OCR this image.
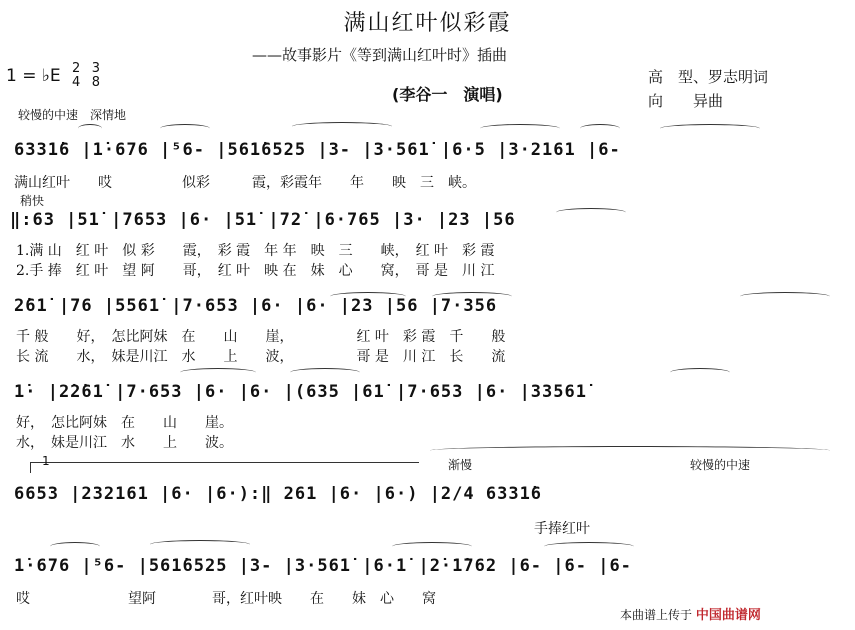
满山红叶似彩霞
——故事影片《等到满山红叶时》插曲
1 = ♭E 2
4 3
8
(李谷一　演唱)
高　型、罗志明词
向　　异曲
较慢的中速　深情地
6331̇6 |1̇·676 |⁵6- |561̇6525 |3- |3·561̇ |6·5 |3·2161 |6-
满山红叶　　哎　　　　　似彩　　　霞，彩霞年　　年　　映　三　峡。
稍快
‖:63 |51̇ |7653 |6· |51̇ |72̇ |6·765 |3· |23 |56
1.满 山　红 叶　似 彩　　霞，　彩 霞　年 年　映　三　　峡，　红 叶　彩 霞
2.手 捧　红 叶　望 阿　　哥，　红 叶　映 在　妹　心　　窝，　哥 是　川 江
2̇61̇ |76 |5561̇ |7·653 |6· |6· |23 |56 |7·356
千 般　　好，　怎比阿妹　在　　山　　崖，　　　　　红 叶　彩 霞　千　　般
长 流　　水，　妹是川江　水　　上　　波，　　　　　哥 是　川 江　长　　流
1̇· |2̇2̇61̇ |7·653 |6· |6· |(635 |61̇ |7·653 |6· |33561̇
好，　怎比阿妹　在　　山　　崖。
水，　妹是川江　水　　上　　波。
1	渐慢	较慢的中速
6653 |232161 |6· |6·):‖ 261 |6· |6·) |2/4 6331̇6
　　　　　　　　　　　　　　　　　　　　　　　　　　　　　　　　　　　　　手捧红叶
1̇·676 |⁵6- |561̇6525 |3- |3·561̇ |6·1̇ |2̇·1̇762 |6- |6- |6-
哎　　　　　　　望阿　　　　哥，红叶映　　在　　妹　心　　窝
本曲谱上传于 中国曲谱网
